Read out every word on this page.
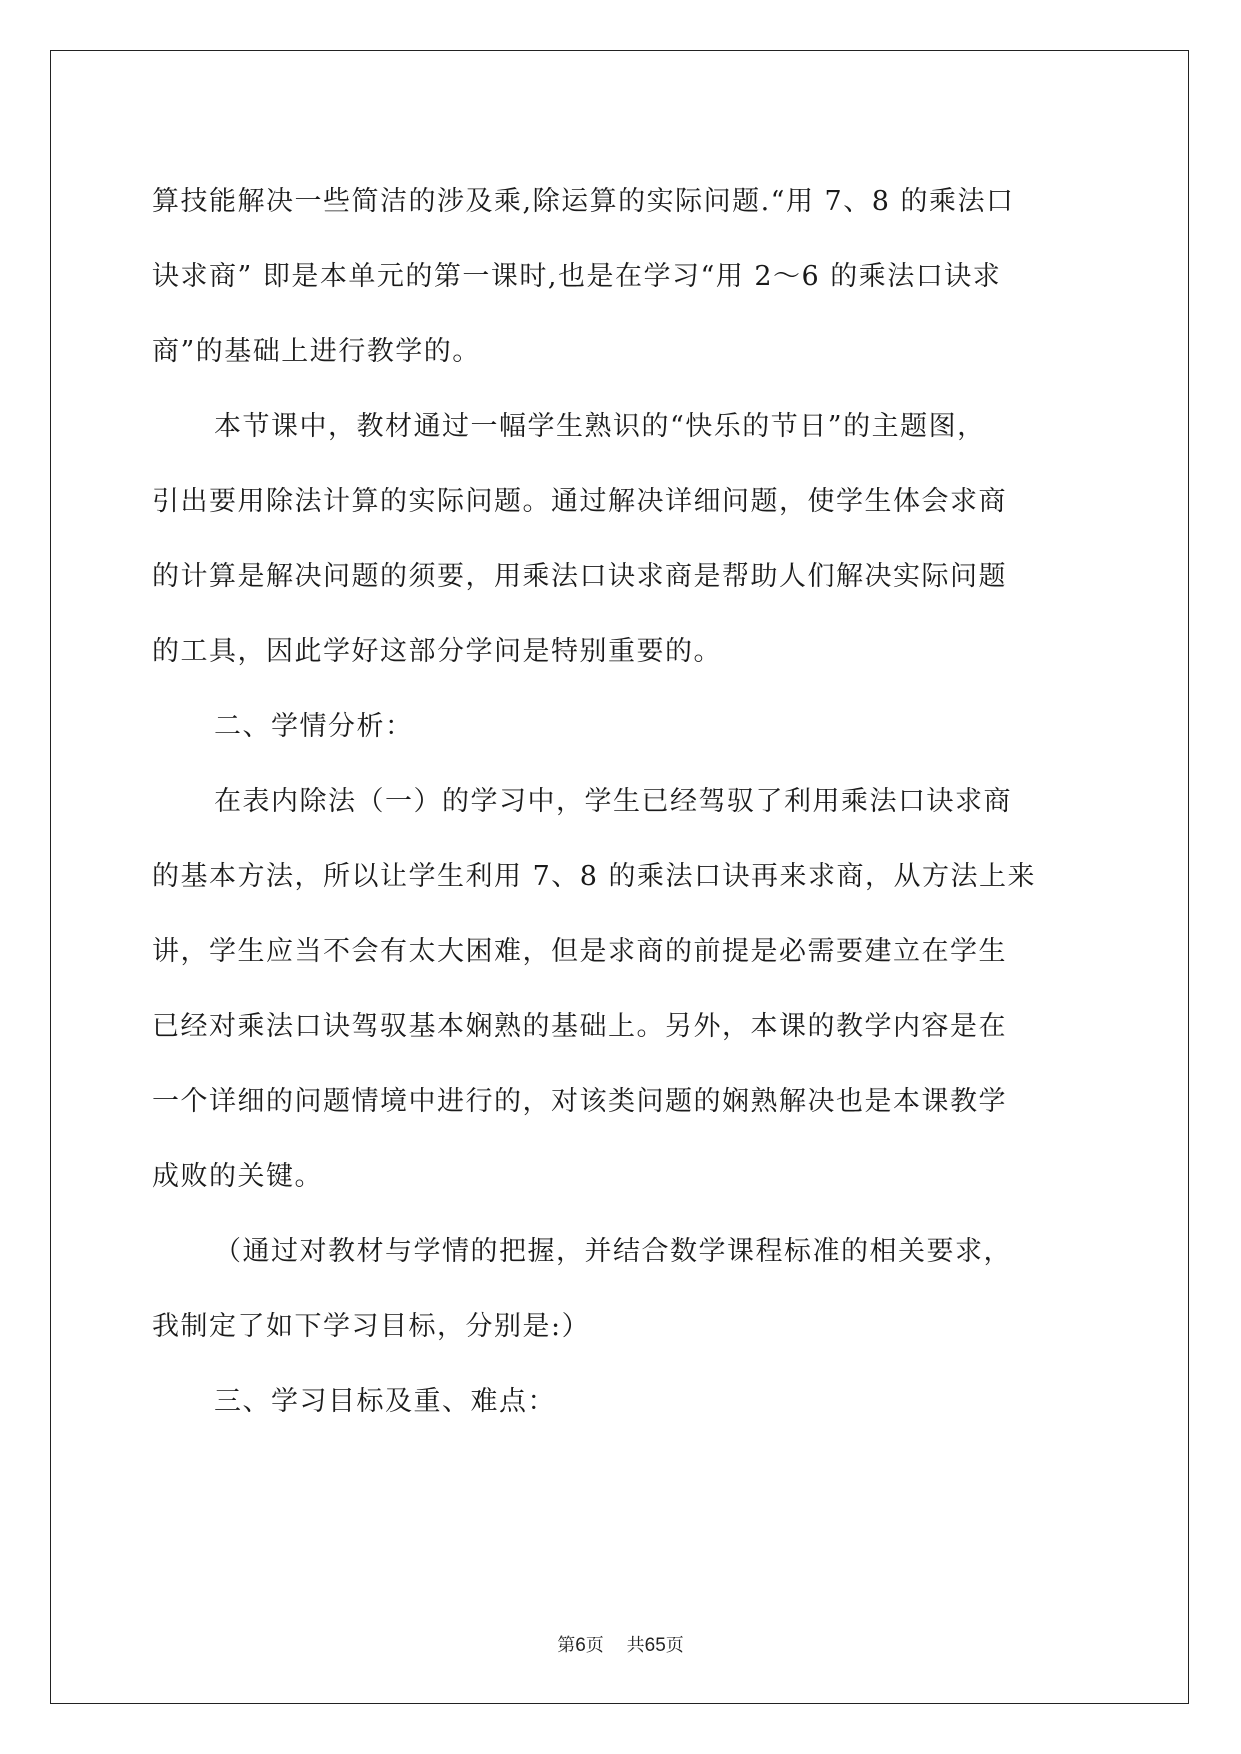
算技能解决一些简洁的涉及乘,除运算的实际问题.“用 7、8 的乘法口
诀求商” 即是本单元的第一课时,也是在学习“用 2～6 的乘法口诀求
商”的基础上进行教学的。
本节课中，教材通过一幅学生熟识的“快乐的节日”的主题图，
引出要用除法计算的实际问题。通过解决详细问题，使学生体会求商
的计算是解决问题的须要，用乘法口诀求商是帮助人们解决实际问题
的工具，因此学好这部分学问是特别重要的。
二、学情分析：
在表内除法（一）的学习中，学生已经驾驭了利用乘法口诀求商
的基本方法，所以让学生利用 7、8 的乘法口诀再来求商，从方法上来
讲，学生应当不会有太大困难，但是求商的前提是必需要建立在学生
已经对乘法口诀驾驭基本娴熟的基础上。另外，本课的教学内容是在
一个详细的问题情境中进行的，对该类问题的娴熟解决也是本课教学
成败的关键。
（通过对教材与学情的把握，并结合数学课程标准的相关要求，
我制定了如下学习目标，分别是:）
三、学习目标及重、难点：
第6页 共65页
